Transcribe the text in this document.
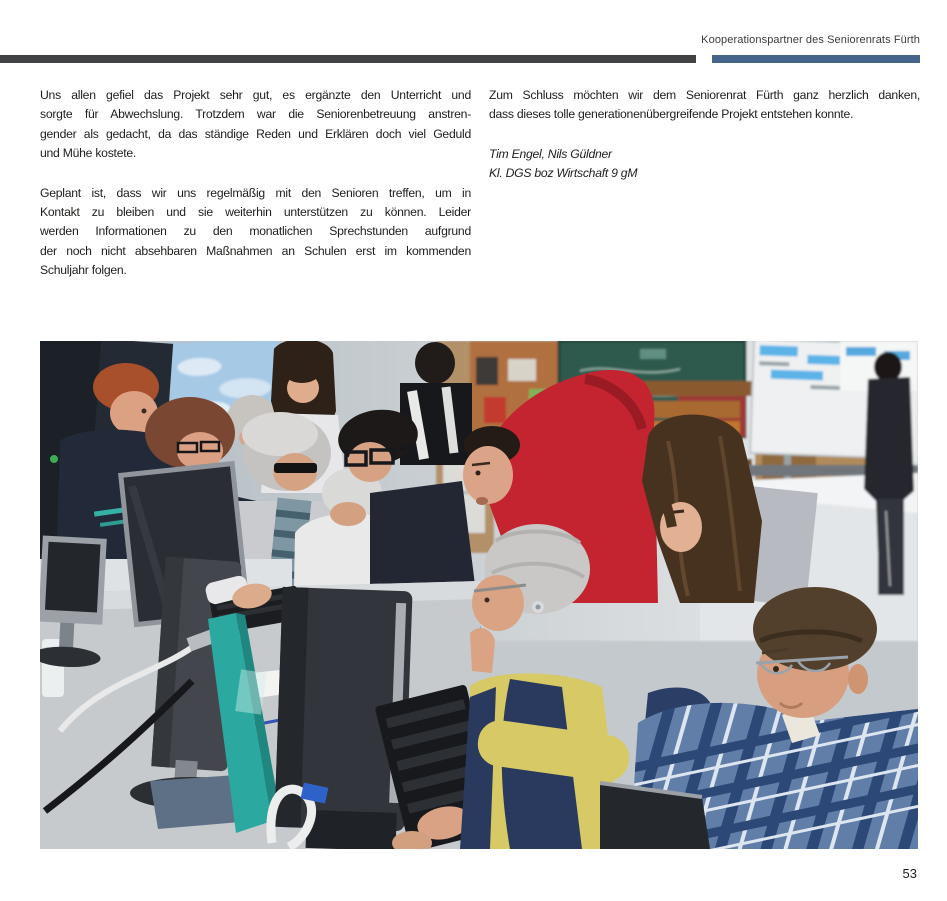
Kooperationspartner des Seniorenrats Fürth
Uns allen gefiel das Projekt sehr gut, es ergänzte den Unterricht und
sorgte für Abwechslung. Trotzdem war die Seniorenbetreuung anstren-
gender als gedacht, da das ständige Reden und Erklären doch viel Geduld
und Mühe kostete.
Geplant ist, dass wir uns regelmäßig mit den Senioren treffen, um in
Kontakt zu bleiben und sie weiterhin unterstützen zu können. Leider
werden Informationen zu den monatlichen Sprechstunden aufgrund
der noch nicht absehbaren Maßnahmen an Schulen erst im kommenden
Schuljahr folgen.
Zum Schluss möchten wir dem Seniorenrat Fürth ganz herzlich danken,
dass dieses tolle generationenübergreifende Projekt entstehen konnte.
Tim Engel, Nils Güldner
Kl. DGS boz Wirtschaft 9 gM
53
